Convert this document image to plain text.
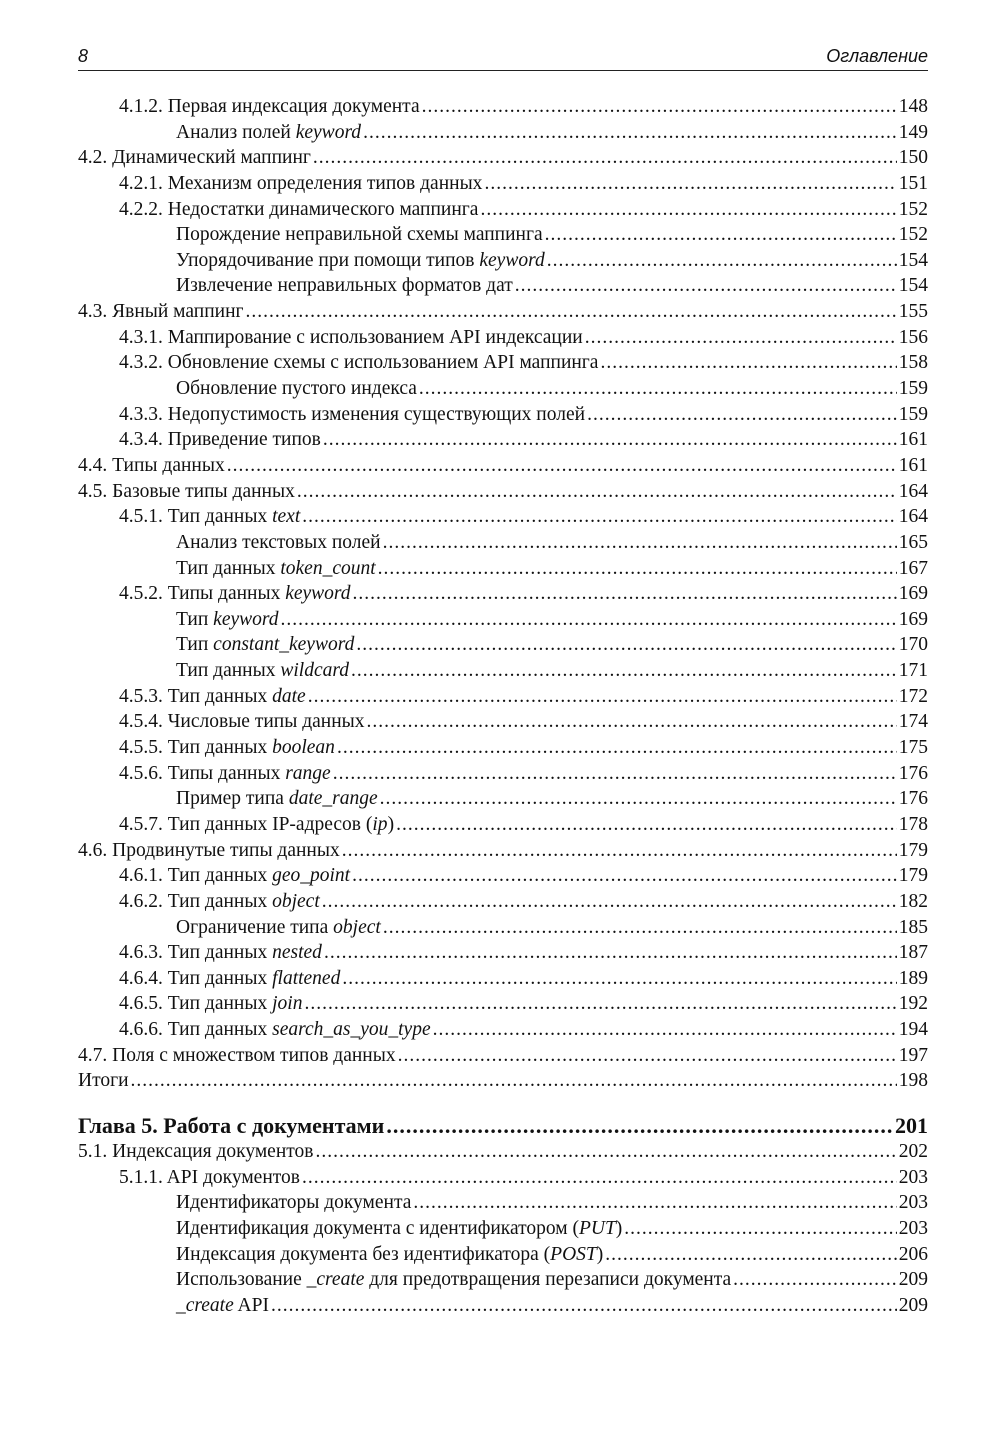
8	Оглавление
4.1.2. Первая индексация документа .....	148
Анализ полей keyword .....	149
4.2. Динамический маппинг .....	150
4.2.1. Механизм определения типов данных .....	151
4.2.2. Недостатки динамического маппинга .....	152
Порождение неправильной схемы маппинга .....	152
Упорядочивание при помощи типов keyword .....	154
Извлечение неправильных форматов дат .....	154
4.3. Явный маппинг .....	155
4.3.1. Маппирование с использованием API индексации .....	156
4.3.2. Обновление схемы с использованием API маппинга .....	158
Обновление пустого индекса .....	159
4.3.3. Недопустимость изменения существующих полей .....	159
4.3.4. Приведение типов .....	161
4.4. Типы данных .....	161
4.5. Базовые типы данных .....	164
4.5.1. Тип данных text .....	164
Анализ текстовых полей .....	165
Тип данных token_count .....	167
4.5.2. Типы данных keyword .....	169
Тип keyword .....	169
Тип constant_keyword .....	170
Тип данных wildcard .....	171
4.5.3. Тип данных date .....	172
4.5.4. Числовые типы данных .....	174
4.5.5. Тип данных boolean .....	175
4.5.6. Типы данных range .....	176
Пример типа date_range .....	176
4.5.7. Тип данных IP-адресов (ip) .....	178
4.6. Продвинутые типы данных .....	179
4.6.1. Тип данных geo_point .....	179
4.6.2. Тип данных object .....	182
Ограничение типа object .....	185
4.6.3. Тип данных nested .....	187
4.6.4. Тип данных flattened .....	189
4.6.5. Тип данных join .....	192
4.6.6. Тип данных search_as_you_type .....	194
4.7. Поля с множеством типов данных .....	197
Итоги .....	198
Глава 5. Работа с документами .....	201
5.1. Индексация документов .....	202
5.1.1. API документов .....	203
Идентификаторы документа .....	203
Идентификация документа с идентификатором (PUT) .....	203
Индексация документа без идентификатора (POST) .....	206
Использование _create для предотвращения перезаписи документа .....	209
_create API .....	209
